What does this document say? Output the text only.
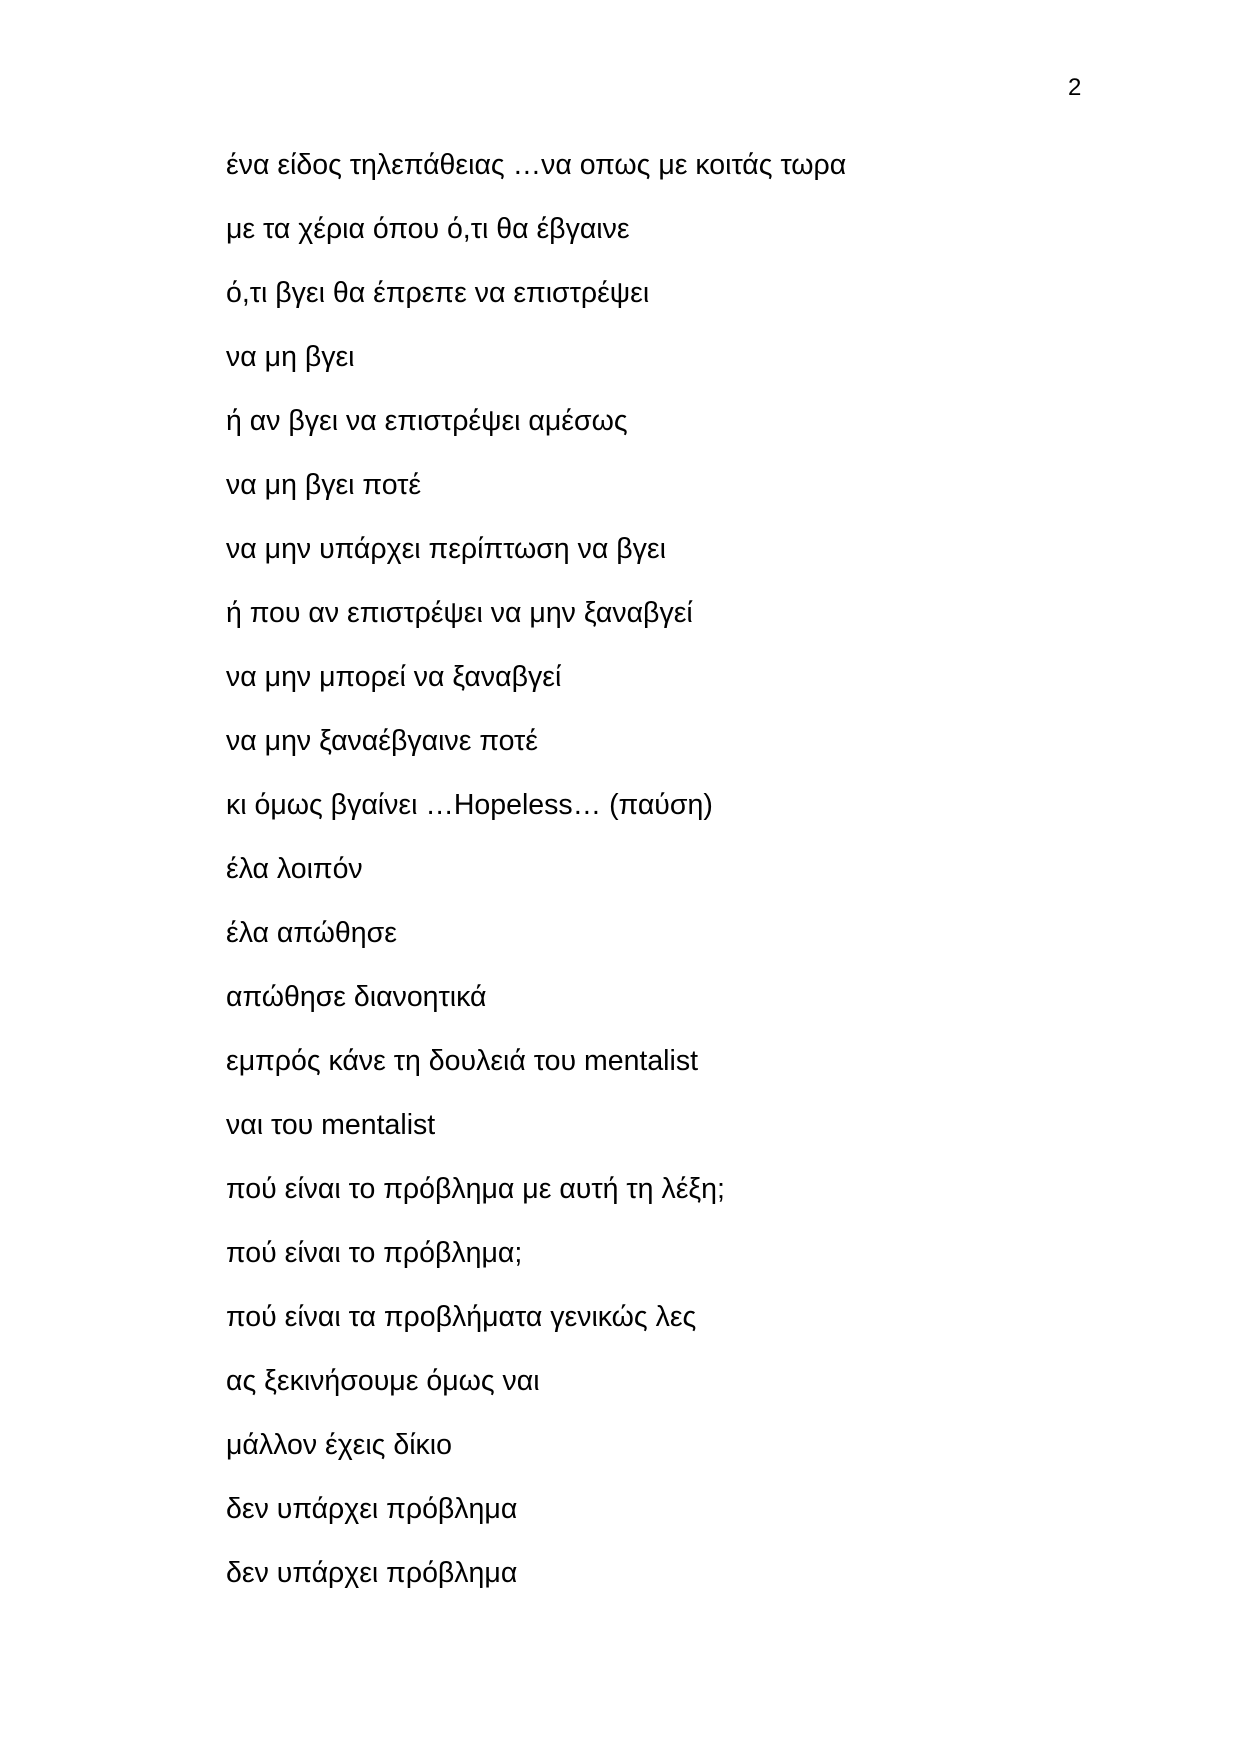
2
ένα είδος τηλεπάθειας …να οπως με κοιτάς τωρα
με τα χέρια όπου ό,τι θα έβγαινε
ό,τι βγει θα έπρεπε να επιστρέψει
να μη βγει
ή αν βγει να επιστρέψει αμέσως
να μη βγει ποτέ
να μην υπάρχει περίπτωση να βγει
ή που αν επιστρέψει να μην ξαναβγεί
να μην μπορεί να ξαναβγεί
να μην ξαναέβγαινε ποτέ
κι όμως βγαίνει …Hopeless… (παύση)
έλα λοιπόν
έλα απώθησε
απώθησε διανοητικά
εμπρός κάνε τη δουλειά του mentalist
ναι του mentalist
πού είναι το πρόβλημα με αυτή τη λέξη;
πού είναι το πρόβλημα;
πού είναι τα προβλήματα γενικώς λες
ας ξεκινήσουμε όμως ναι
μάλλον έχεις δίκιο
δεν υπάρχει πρόβλημα
δεν υπάρχει πρόβλημα
